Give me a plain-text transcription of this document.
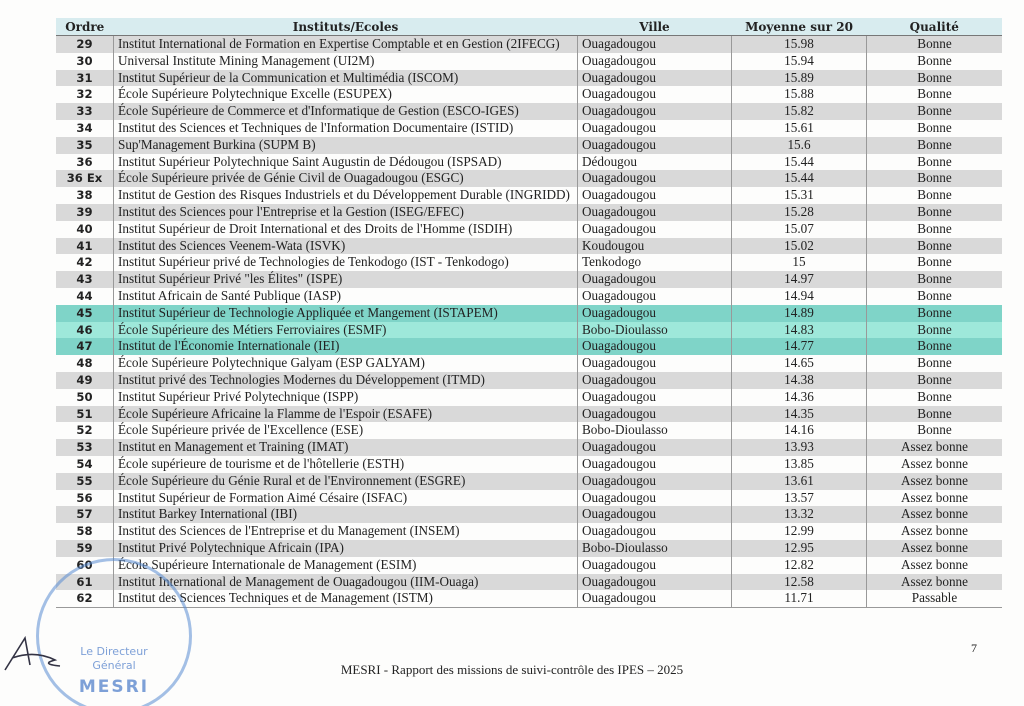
Ordre	Instituts/Ecoles	Ville	Moyenne sur 20	Qualité
29	Institut International de Formation en Expertise Comptable et en Gestion (2IFECG)	Ouagadougou	15.98	Bonne
30	Universal Institute Mining Management (UI2M)	Ouagadougou	15.94	Bonne
31	Institut Supérieur de la Communication et Multimédia (ISCOM)	Ouagadougou	15.89	Bonne
32	École Supérieure Polytechnique Excelle (ESUPEX)	Ouagadougou	15.88	Bonne
33	École Supérieure de Commerce et d'Informatique de Gestion (ESCO-IGES)	Ouagadougou	15.82	Bonne
34	Institut des Sciences et Techniques de l'Information Documentaire (ISTID)	Ouagadougou	15.61	Bonne
35	Sup'Management Burkina (SUPM B)	Ouagadougou	15.6	Bonne
36	Institut Supérieur Polytechnique Saint Augustin de Dédougou (ISPSAD)	Dédougou	15.44	Bonne
36 Ex	École Supérieure privée de Génie Civil de Ouagadougou (ESGC)	Ouagadougou	15.44	Bonne
38	Institut de Gestion des Risques Industriels et du Développement Durable (INGRIDD)	Ouagadougou	15.31	Bonne
39	Institut des Sciences pour l'Entreprise et la Gestion (ISEG/EFEC)	Ouagadougou	15.28	Bonne
40	Institut Supérieur de Droit International et des Droits de l'Homme (ISDIH)	Ouagadougou	15.07	Bonne
41	Institut des Sciences Veenem-Wata (ISVK)	Koudougou	15.02	Bonne
42	Institut Supérieur privé de Technologies de Tenkodogo (IST - Tenkodogo)	Tenkodogo	15	Bonne
43	Institut Supérieur Privé "les Élites" (ISPE)	Ouagadougou	14.97	Bonne
44	Institut Africain de Santé Publique (IASP)	Ouagadougou	14.94	Bonne
45	Institut Supérieur de Technologie Appliquée et Mangement (ISTAPEM)	Ouagadougou	14.89	Bonne
46	École Supérieure des Métiers Ferroviaires (ESMF)	Bobo-Dioulasso	14.83	Bonne
47	Institut de l'Économie Internationale (IEI)	Ouagadougou	14.77	Bonne
48	École Supérieure Polytechnique Galyam (ESP GALYAM)	Ouagadougou	14.65	Bonne
49	Institut privé des Technologies Modernes du Développement (ITMD)	Ouagadougou	14.38	Bonne
50	Institut Supérieur Privé Polytechnique (ISPP)	Ouagadougou	14.36	Bonne
51	École Supérieure Africaine la Flamme de l'Espoir (ESAFE)	Ouagadougou	14.35	Bonne
52	École Supérieure privée de l'Excellence (ESE)	Bobo-Dioulasso	14.16	Bonne
53	Institut en Management et Training (IMAT)	Ouagadougou	13.93	Assez bonne
54	École supérieure de tourisme et de l'hôtellerie (ESTH)	Ouagadougou	13.85	Assez bonne
55	École Supérieure du Génie Rural et de l'Environnement (ESGRE)	Ouagadougou	13.61	Assez bonne
56	Institut Supérieur de Formation Aimé Césaire (ISFAC)	Ouagadougou	13.57	Assez bonne
57	Institut Barkey International (IBI)	Ouagadougou	13.32	Assez bonne
58	Institut des Sciences de l'Entreprise et du Management (INSEM)	Ouagadougou	12.99	Assez bonne
59	Institut Privé Polytechnique Africain (IPA)	Bobo-Dioulasso	12.95	Assez bonne
60	École Supérieure Internationale de Management (ESIM)	Ouagadougou	12.82	Assez bonne
61	Institut International de Management de Ouagadougou (IIM-Ouaga)	Ouagadougou	12.58	Assez bonne
62	Institut des Sciences Techniques et de Management (ISTM)	Ouagadougou	11.71	Passable
7
MESRI - Rapport des missions de suivi-contrôle des IPES – 2025
Le Directeur
Général
MESRI
